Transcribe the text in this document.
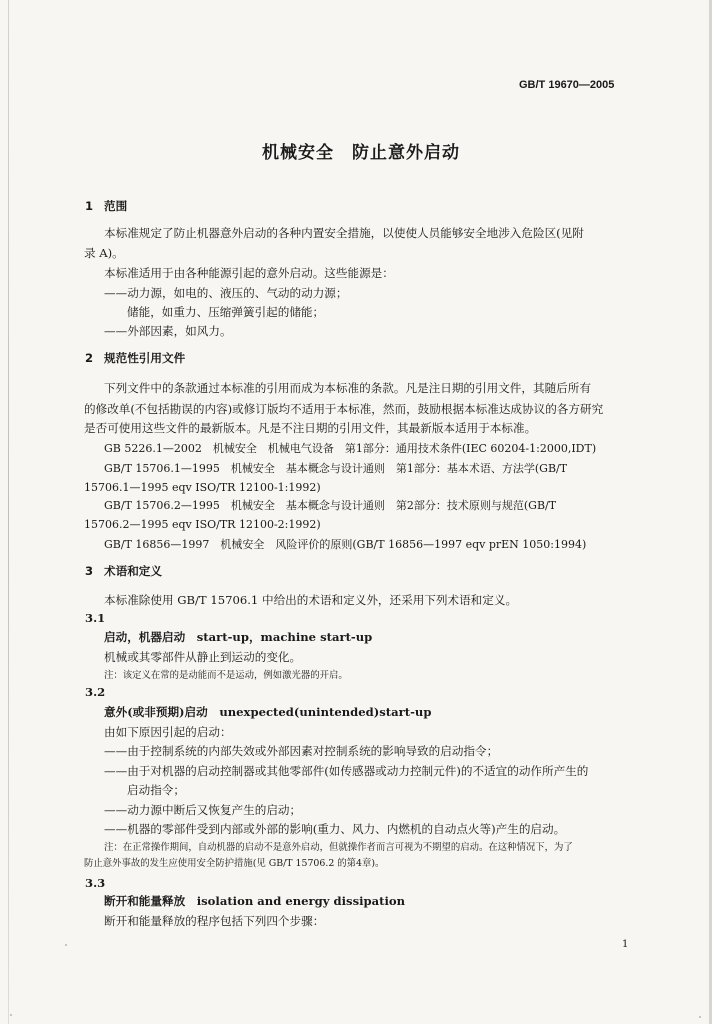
GB/T 19670—2005
机械安全　防止意外启动
1 范围
本标准规定了防止机器意外启动的各种内置安全措施，以使使人员能够安全地涉入危险区(见附
录 A)。
本标准适用于由各种能源引起的意外启动。这些能源是：
——动力源，如电的、液压的、气动的动力源；
储能，如重力、压缩弹簧引起的储能；
——外部因素，如风力。
2 规范性引用文件
下列文件中的条款通过本标准的引用而成为本标准的条款。凡是注日期的引用文件，其随后所有
的修改单(不包括勘误的内容)或修订版均不适用于本标准，然而，鼓励根据本标准达成协议的各方研究
是否可使用这些文件的最新版本。凡是不注日期的引用文件，其最新版本适用于本标准。
GB 5226.1—2002　机械安全　机械电气设备　第1部分：通用技术条件(IEC 60204-1:2000,IDT)
GB/T 15706.1—1995　机械安全　基本概念与设计通则　第1部分：基本术语、方法学(GB/T
15706.1—1995 eqv ISO/TR 12100-1:1992)
GB/T 15706.2—1995　机械安全　基本概念与设计通则　第2部分：技术原则与规范(GB/T
15706.2—1995 eqv ISO/TR 12100-2:1992)
GB/T 16856—1997　机械安全　风险评价的原则(GB/T 16856—1997 eqv prEN 1050:1994)
3 术语和定义
本标准除使用 GB/T 15706.1 中给出的术语和定义外，还采用下列术语和定义。
3.1
启动，机器启动　start-up，machine start-up
机械或其零部件从静止到运动的变化。
注：该定义在常的是动能而不是运动，例如激光器的开启。
3.2
意外(或非预期)启动　unexpected(unintended)start-up
由如下原因引起的启动：
——由于控制系统的内部失效或外部因素对控制系统的影响导致的启动指令；
——由于对机器的启动控制器或其他零部件(如传感器或动力控制元件)的不适宜的动作所产生的
启动指令；
——动力源中断后又恢复产生的启动；
——机器的零部件受到内部或外部的影响(重力、风力、内燃机的自动点火等)产生的启动。
注：在正常操作期间，自动机器的启动不是意外启动，但就操作者而言可视为不期望的启动。在这种情况下，为了
防止意外事故的发生应使用安全防护措施(见 GB/T 15706.2 的第4章)。
3.3
断开和能量释放　isolation and energy dissipation
断开和能量释放的程序包括下列四个步骤：
1
